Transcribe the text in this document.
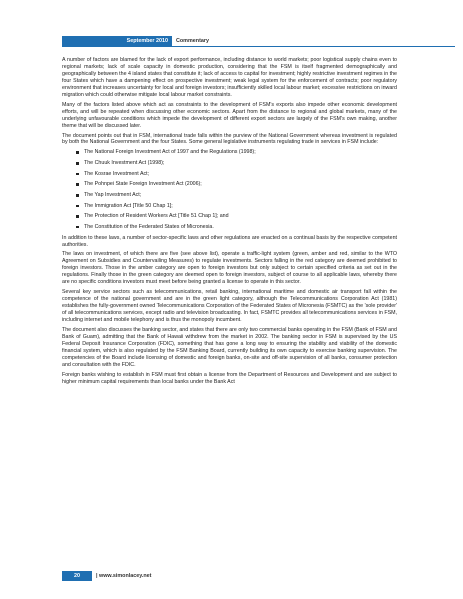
September 2010	Commentary

A number of factors are blamed for the lack of export performance, including distance to world markets; poor logistical supply chains even to regional markets; lack of scale capacity in domestic production, considering that the FSM is itself fragmented demographically and geographically between the 4 island states that constitute it; lack of access to capital for investment; highly restrictive investment regimes in the four States which have a dampening effect on prospective investment; weak legal system for the enforcement of contracts; poor regulatory environment that increases uncertainty for local and foreign investors; insufficiently skilled local labour market; excessive restrictions on inward migration which could otherwise mitigate local labour market constraints.

Many of the factors listed above which act as constraints to the development of FSM's exports also impede other economic development efforts, and will be repeated when discussing other economic sectors. Apart from the distance to regional and global markets, many of the underlying unfavourable conditions which impede the development of different export sectors are largely of the FSM's own making, another theme that will be discussed later.

The document points out that in FSM, international trade falls within the purview of the National Government whereas investment is regulated by both the National Government and the four States. Some general legislative instruments regulating trade in services in FSM include:

The National Foreign Investment Act of 1997 and the Regulations (1998);
The Chuuk Investment Act (1998);
The Kosrae Investment Act;
The Pohnpei State Foreign Investment Act (2006);
The Yap Investment Act;
The Immigration Act [Title 50 Chap 1];
The Protection of Resident Workers Act [Title 51 Chap 1]; and
The Constitution of the Federated States of Micronesia.

In addition to these laws, a number of sector-specific laws and other regulations are enacted on a continual basis by the respective competent authorities.

The laws on investment, of which there are five (see above list), operate a traffic-light system (green, amber and red, similar to the WTO Agreement on Subsidies and Countervailing Measures) to regulate investments. Sectors falling in the red category are deemed prohibited to foreign investors. Those in the amber category are open to foreign investors but only subject to certain specified criteria as set out in the regulations. Finally those in the green category are deemed open to foreign investors, subject of course to all applicable laws, whereby there are no specific conditions investors must meet before being granted a license to operate in this sector.

Several key service sectors such as telecommunications, retail banking, international maritime and domestic air transport fall within the competence of the national government and are in the green light category, although the Telecommunications Corporation Act (1981) establishes the fully-government owned Telecommunications Corporation of the Federated States of Micronesia (FSMTC) as the 'sole provider' of all telecommunications services, except radio and television broadcasting. In fact, FSMTC provides all telecommunications services in FSM, including internet and mobile telephony and is thus the monopoly incumbent.

The document also discusses the banking sector, and states that there are only two commercial banks operating in the FSM (Bank of FSM and Bank of Guam), admitting that the Bank of Hawaii withdrew from the market in 2002. The banking sector in FSM is supervised by the US Federal Deposit Insurance Corporation (FDIC), something that has gone a long way to ensuring the stability and viability of the domestic financial system, which is also regulated by the FSM Banking Board, currently building its own capacity to exercise banking supervision. The competencies of the Board include licensing of domestic and foreign banks, on-site and off-site supervision of all banks, consumer protection and consultation with the FDIC.

Foreign banks wishing to establish in FSM must first obtain a license from the Department of Resources and Development and are subject to higher minimum capital requirements than local banks under the Bank Act

20	| www.simonlacey.net
